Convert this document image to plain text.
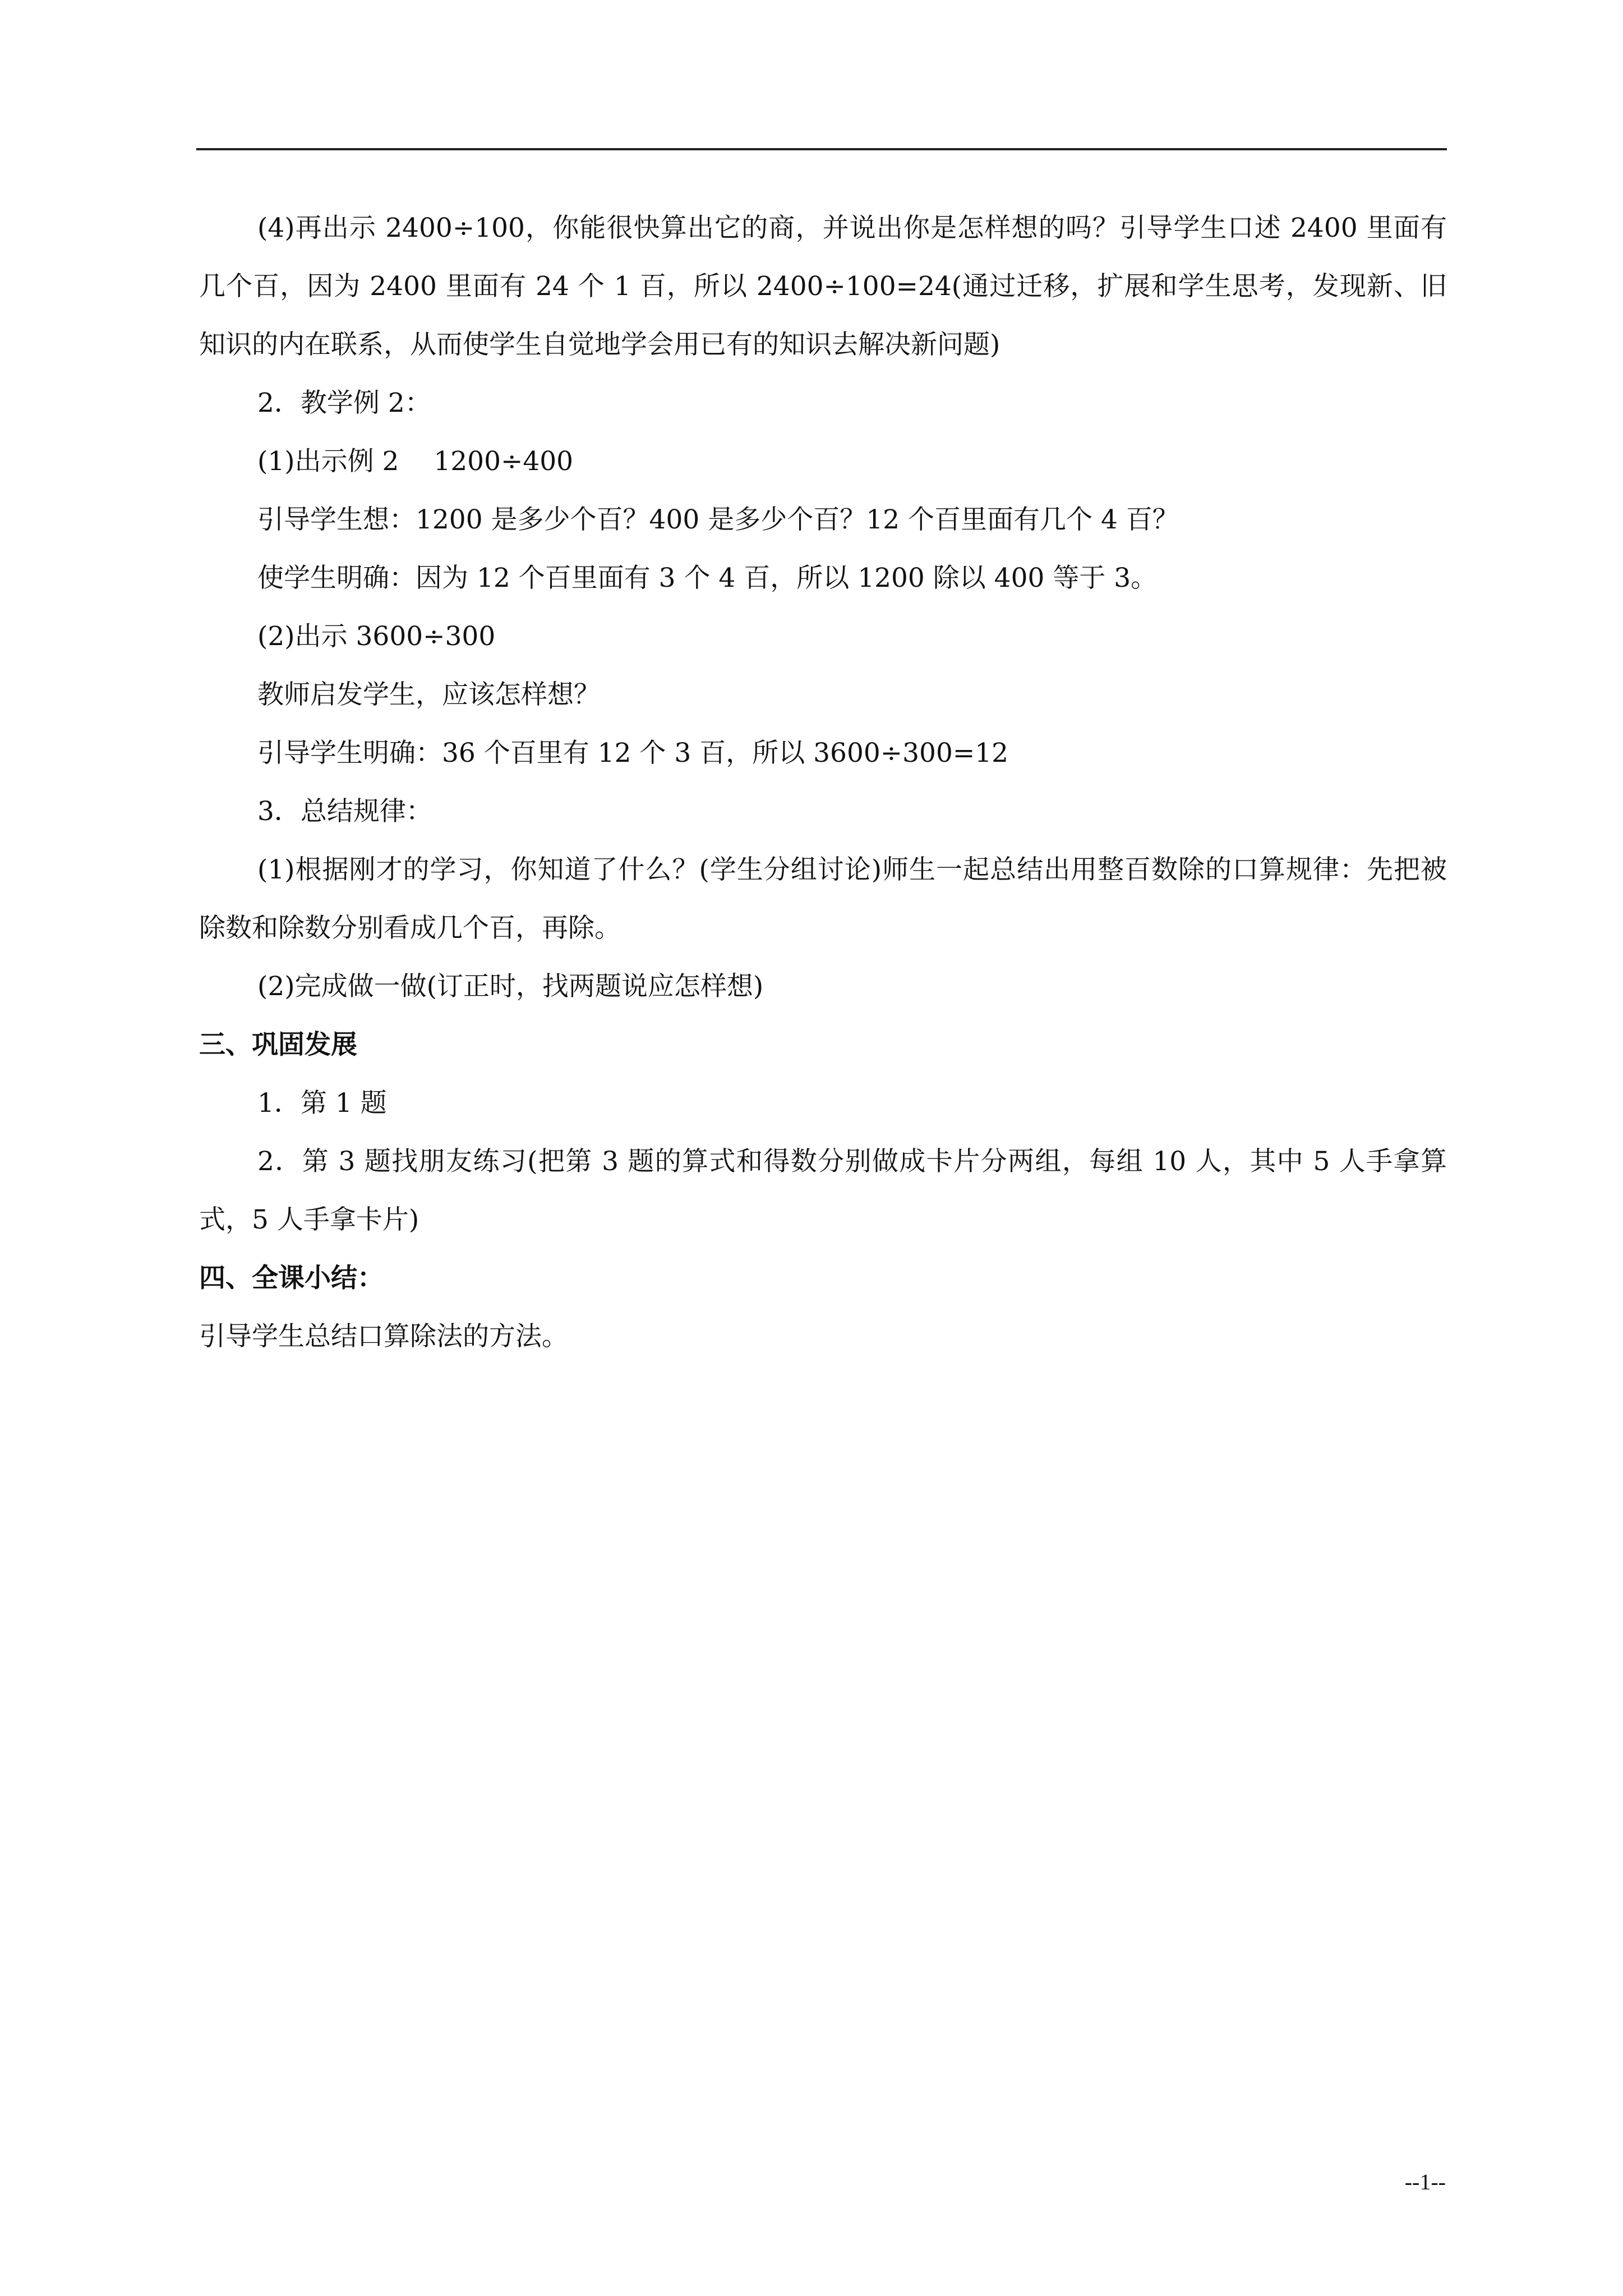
(4)再出示 2400÷100，你能很快算出它的商，并说出你是怎样想的吗？引导学生口述 2400 里面有几个百，因为 2400 里面有 24 个 1 百，所以 2400÷100=24(通过迁移，扩展和学生思考，发现新、旧知识的内在联系，从而使学生自觉地学会用已有的知识去解决新问题)

2．教学例 2：

(1)出示例 2　 1200÷400

引导学生想：1200 是多少个百？400 是多少个百？12 个百里面有几个 4 百？

使学生明确：因为 12 个百里面有 3 个 4 百，所以 1200 除以 400 等于 3。

(2)出示 3600÷300

教师启发学生，应该怎样想？

引导学生明确：36 个百里有 12 个 3 百，所以 3600÷300=12

3．总结规律：

(1)根据刚才的学习，你知道了什么？(学生分组讨论)师生一起总结出用整百数除的口算规律：先把被除数和除数分别看成几个百，再除。

(2)完成做一做(订正时，找两题说应怎样想)

三、巩固发展

1．第 1 题

2．第 3 题找朋友练习(把第 3 题的算式和得数分别做成卡片分两组，每组 10 人，其中 5 人手拿算式，5 人手拿卡片)

四、全课小结：

引导学生总结口算除法的方法。

--1--
